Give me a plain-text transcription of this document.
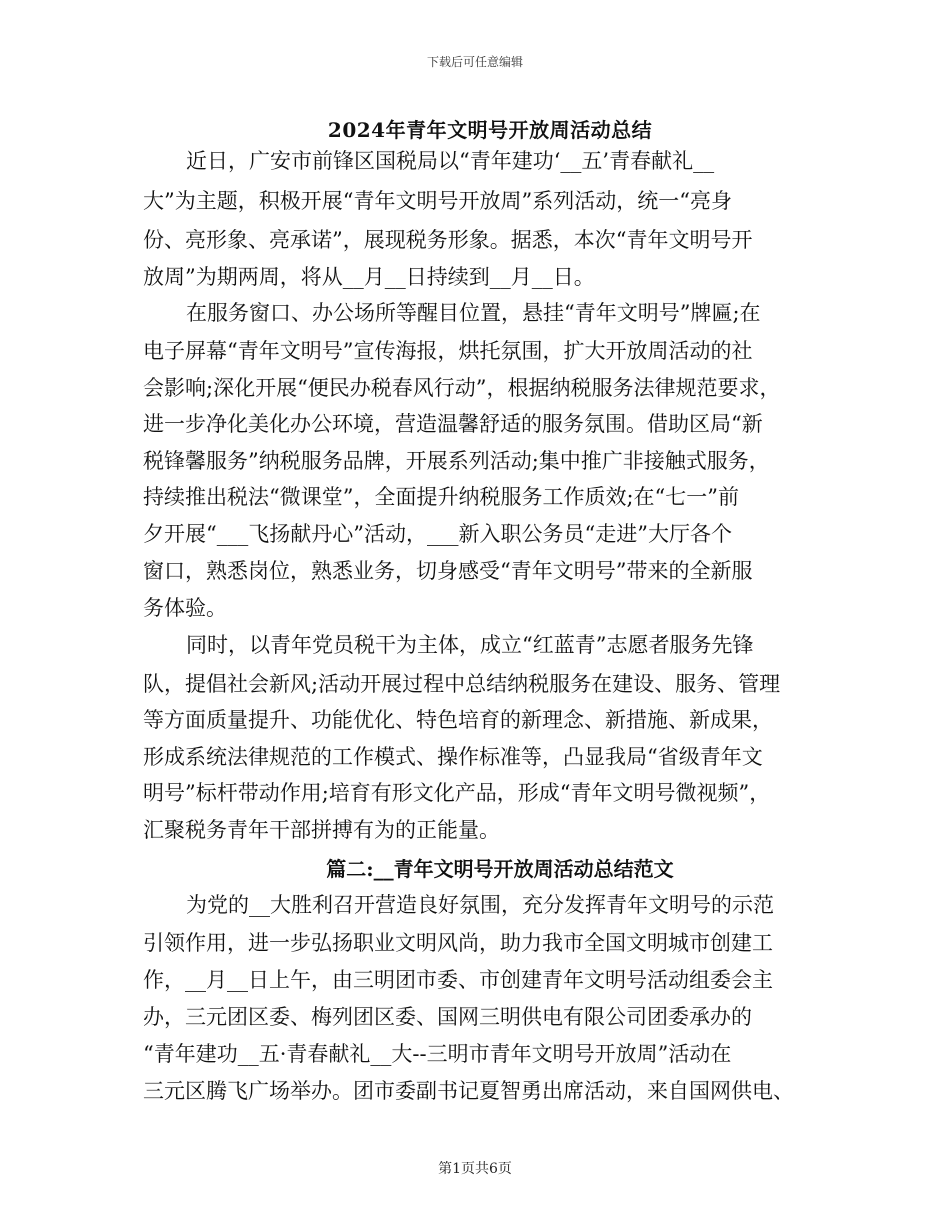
下载后可任意编辑
2024年青年文明号开放周活动总结
近日，广安市前锋区国税局以“青年建功‘__五’青春献礼__
大”为主题，积极开展“青年文明号开放周”系列活动，统一“亮身
份、亮形象、亮承诺”，展现税务形象。据悉，本次“青年文明号开
放周”为期两周，将从__月__日持续到__月__日。
在服务窗口、办公场所等醒目位置，悬挂“青年文明号”牌匾;在
电子屏幕“青年文明号”宣传海报，烘托氛围，扩大开放周活动的社
会影响;深化开展“便民办税春风行动”，根据纳税服务法律规范要求，
进一步净化美化办公环境，营造温馨舒适的服务氛围。借助区局“新
税锋馨服务”纳税服务品牌，开展系列活动;集中推广非接触式服务，
持续推出税法“微课堂”，全面提升纳税服务工作质效;在“七一”前
夕开展“___飞扬献丹心”活动，___新入职公务员“走进”大厅各个
窗口，熟悉岗位，熟悉业务，切身感受“青年文明号”带来的全新服
务体验。
同时，以青年党员税干为主体，成立“红蓝青”志愿者服务先锋
队，提倡社会新风;活动开展过程中总结纳税服务在建设、服务、管理
等方面质量提升、功能优化、特色培育的新理念、新措施、新成果，
形成系统法律规范的工作模式、操作标准等，凸显我局“省级青年文
明号”标杆带动作用;培育有形文化产品，形成“青年文明号微视频”，
汇聚税务青年干部拼搏有为的正能量。
篇二:__青年文明号开放周活动总结范文
为党的__大胜利召开营造良好氛围，充分发挥青年文明号的示范
引领作用，进一步弘扬职业文明风尚，助力我市全国文明城市创建工
作，__月__日上午，由三明团市委、市创建青年文明号活动组委会主
办，三元团区委、梅列团区委、国网三明供电有限公司团委承办的
“青年建功__五·青春献礼__大--三明市青年文明号开放周”活动在
三元区腾飞广场举办。团市委副书记夏智勇出席活动，来自国网供电、
第1页共6页
